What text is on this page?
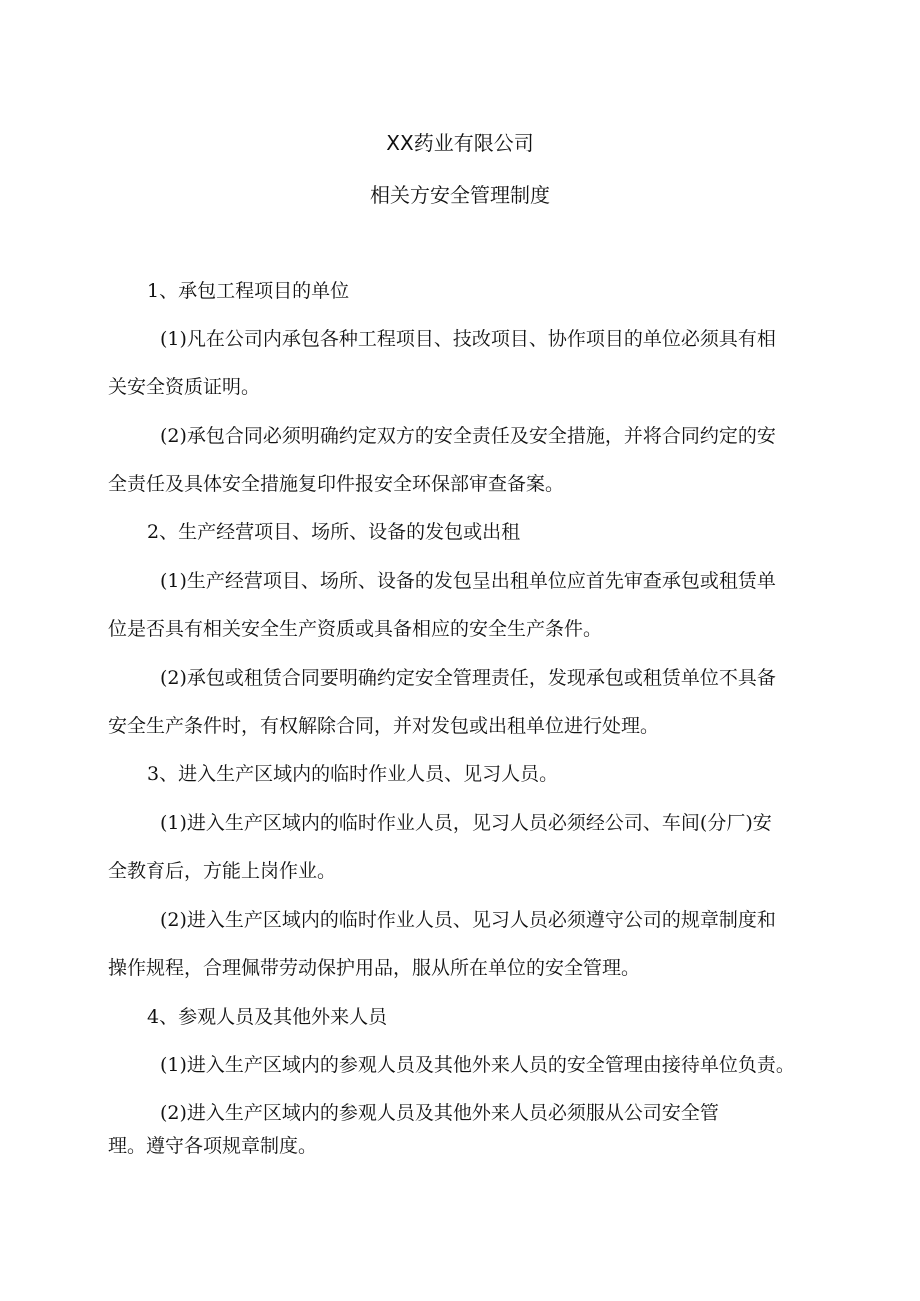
XX药业有限公司
相关方安全管理制度
1、承包工程项目的单位
(1)凡在公司内承包各种工程项目、技改项目、协作项目的单位必须具有相
关安全资质证明。
(2)承包合同必须明确约定双方的安全责任及安全措施，并将合同约定的安
全责任及具体安全措施复印件报安全环保部审查备案。
2、生产经营项目、场所、设备的发包或出租
(1)生产经营项目、场所、设备的发包呈出租单位应首先审查承包或租赁单
位是否具有相关安全生产资质或具备相应的安全生产条件。
(2)承包或租赁合同要明确约定安全管理责任，发现承包或租赁单位不具备
安全生产条件时，有权解除合同，并对发包或出租单位进行处理。
3、进入生产区域内的临时作业人员、见习人员。
(1)进入生产区域内的临时作业人员，见习人员必须经公司、车间(分厂)安
全教育后，方能上岗作业。
(2)进入生产区域内的临时作业人员、见习人员必须遵守公司的规章制度和
操作规程，合理佩带劳动保护用品，服从所在单位的安全管理。
4、参观人员及其他外来人员
(1)进入生产区域内的参观人员及其他外来人员的安全管理由接待单位负责。
(2)进入生产区域内的参观人员及其他外来人员必须服从公司安全管
理。遵守各项规章制度。
